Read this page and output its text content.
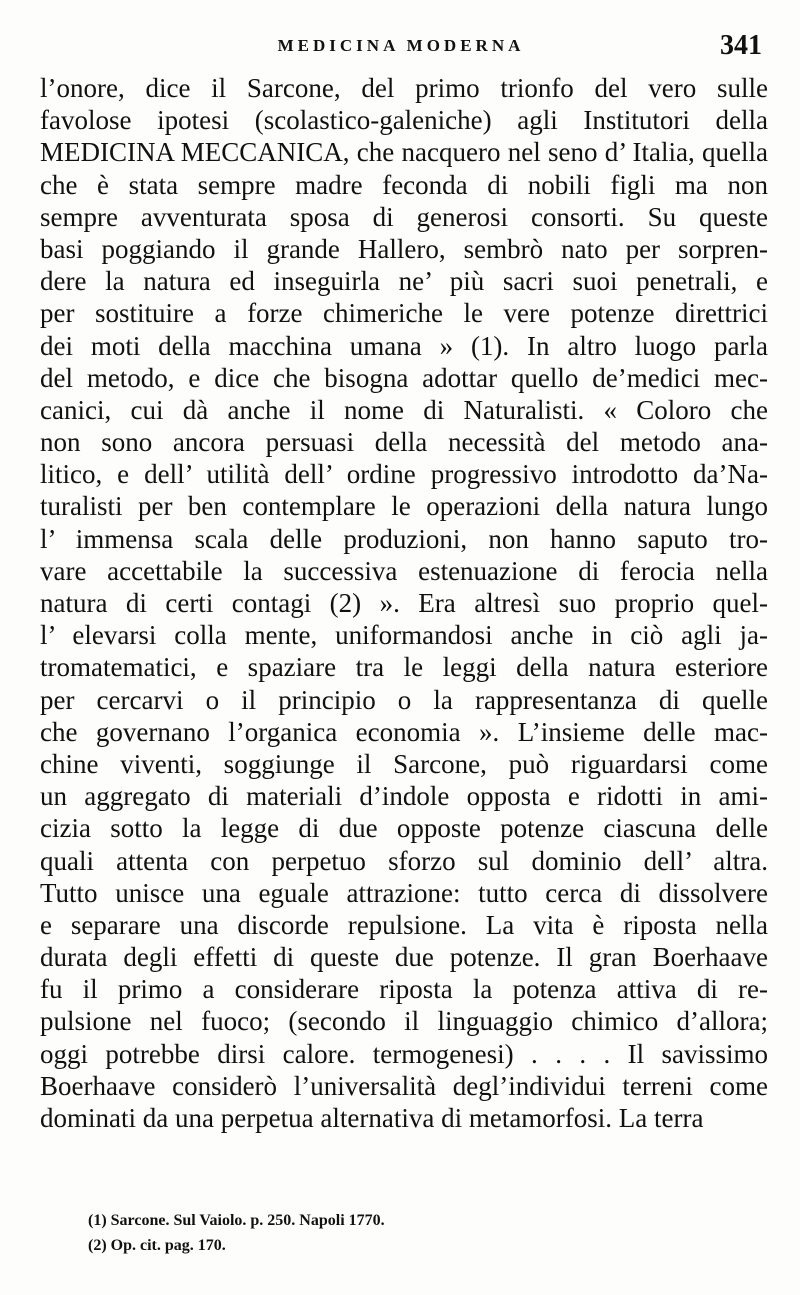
MEDICINA MODERNA	341
l’onore, dice il Sarcone, del primo trionfo del vero sulle
favolose ipotesi (scolastico-galeniche) agli Institutori della
MEDICINA MECCANICA, che nacquero nel seno d’ Italia, quella
che è stata sempre madre feconda di nobili figli ma non
sempre avventurata sposa di generosi consorti. Su queste
basi poggiando il grande Hallero, sembrò nato per sorpren-
dere la natura ed inseguirla ne’ più sacri suoi penetrali, e
per sostituire a forze chimeriche le vere potenze direttrici
dei moti della macchina umana » (1). In altro luogo parla
del metodo, e dice che bisogna adottar quello de’medici mec-
canici, cui dà anche il nome di Naturalisti. « Coloro che
non sono ancora persuasi della necessità del metodo ana-
litico, e dell’ utilità dell’ ordine progressivo introdotto da’Na-
turalisti per ben contemplare le operazioni della natura lungo
l’ immensa scala delle produzioni, non hanno saputo tro-
vare accettabile la successiva estenuazione di ferocia nella
natura di certi contagi (2) ». Era altresì suo proprio quel-
l’ elevarsi colla mente, uniformandosi anche in ciò agli ja-
tromatematici, e spaziare tra le leggi della natura esteriore
per cercarvi o il principio o la rappresentanza di quelle
che governano l’organica economia ». L’insieme delle mac-
chine viventi, soggiunge il Sarcone, può riguardarsi come
un aggregato di materiali d’indole opposta e ridotti in ami-
cizia sotto la legge di due opposte potenze ciascuna delle
quali attenta con perpetuo sforzo sul dominio dell’ altra.
Tutto unisce una eguale attrazione: tutto cerca di dissolvere
e separare una discorde repulsione. La vita è riposta nella
durata degli effetti di queste due potenze. Il gran Boerhaave
fu il primo a considerare riposta la potenza attiva di re-
pulsione nel fuoco; (secondo il linguaggio chimico d’allora;
oggi potrebbe dirsi calore. termogenesi) . . . . Il savissimo
Boerhaave considerò l’universalità degl’individui terreni come
dominati da una perpetua alternativa di metamorfosi. La terra
(1) Sarcone. Sul Vaiolo. p. 250. Napoli 1770.
(2) Op. cit. pag. 170.
